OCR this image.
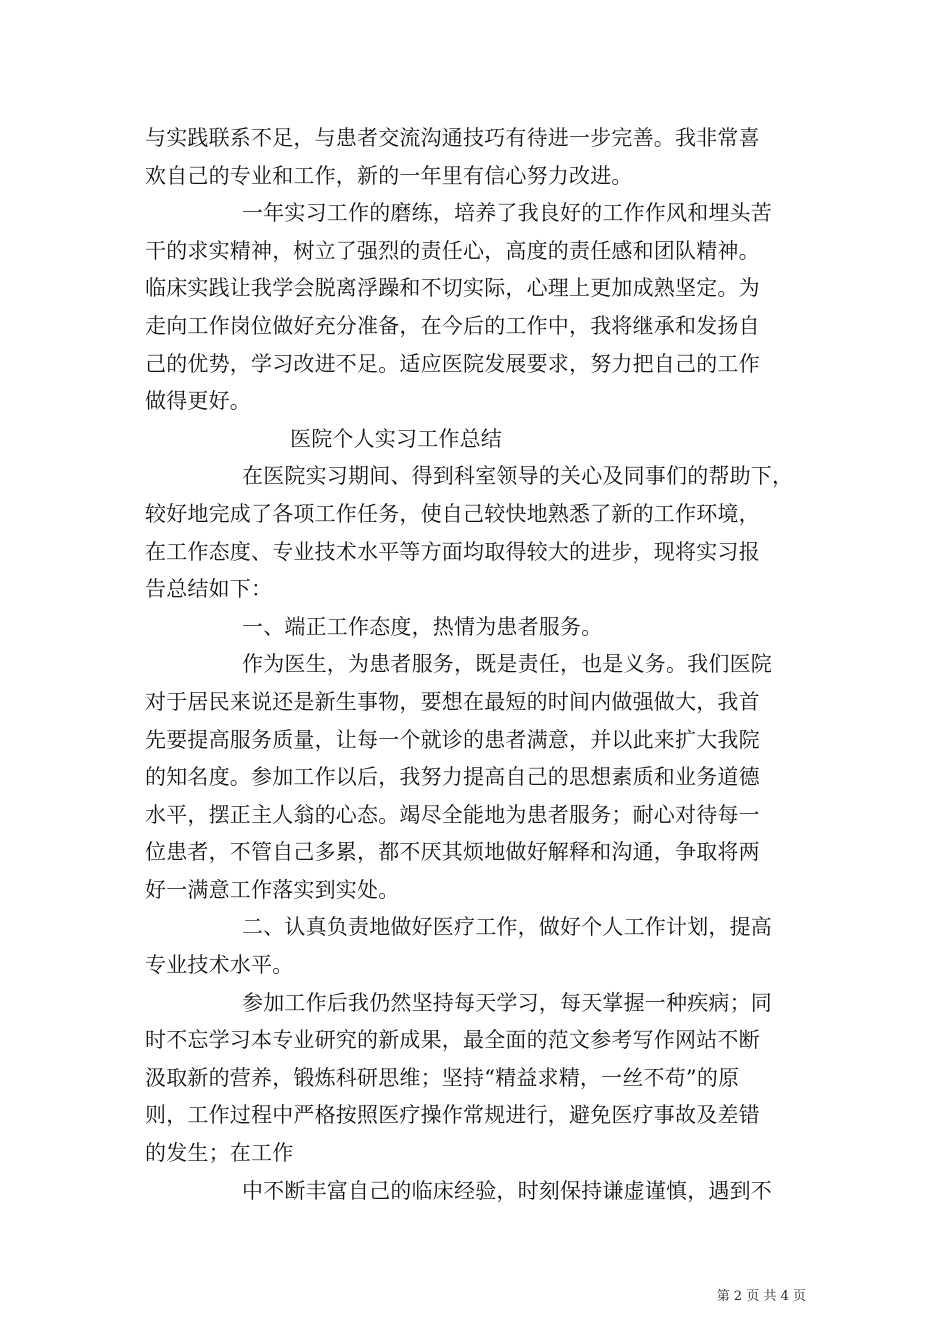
与实践联系不足，与患者交流沟通技巧有待进一步完善。我非常喜
欢自己的专业和工作，新的一年里有信心努力改进。
一年实习工作的磨练，培养了我良好的工作作风和埋头苦
干的求实精神，树立了强烈的责任心，高度的责任感和团队精神。
临床实践让我学会脱离浮躁和不切实际，心理上更加成熟坚定。为
走向工作岗位做好充分准备，在今后的工作中，我将继承和发扬自
己的优势，学习改进不足。适应医院发展要求，努力把自己的工作
做得更好。
医院个人实习工作总结
在医院实习期间、得到科室领导的关心及同事们的帮助下，
较好地完成了各项工作任务，使自己较快地熟悉了新的工作环境，
在工作态度、专业技术水平等方面均取得较大的进步，现将实习报
告总结如下：
一、端正工作态度，热情为患者服务。
作为医生，为患者服务，既是责任，也是义务。我们医院
对于居民来说还是新生事物，要想在最短的时间内做强做大，我首
先要提高服务质量，让每一个就诊的患者满意，并以此来扩大我院
的知名度。参加工作以后，我努力提高自己的思想素质和业务道德
水平，摆正主人翁的心态。竭尽全能地为患者服务；耐心对待每一
位患者，不管自己多累，都不厌其烦地做好解释和沟通，争取将两
好一满意工作落实到实处。
二、认真负责地做好医疗工作，做好个人工作计划，提高
专业技术水平。
参加工作后我仍然坚持每天学习，每天掌握一种疾病；同
时不忘学习本专业研究的新成果，最全面的范文参考写作网站不断
汲取新的营养，锻炼科研思维；坚持“精益求精，一丝不苟”的原
则，工作过程中严格按照医疗操作常规进行，避免医疗事故及差错
的发生；在工作
中不断丰富自己的临床经验，时刻保持谦虚谨慎，遇到不
第 2 页 共 4 页
